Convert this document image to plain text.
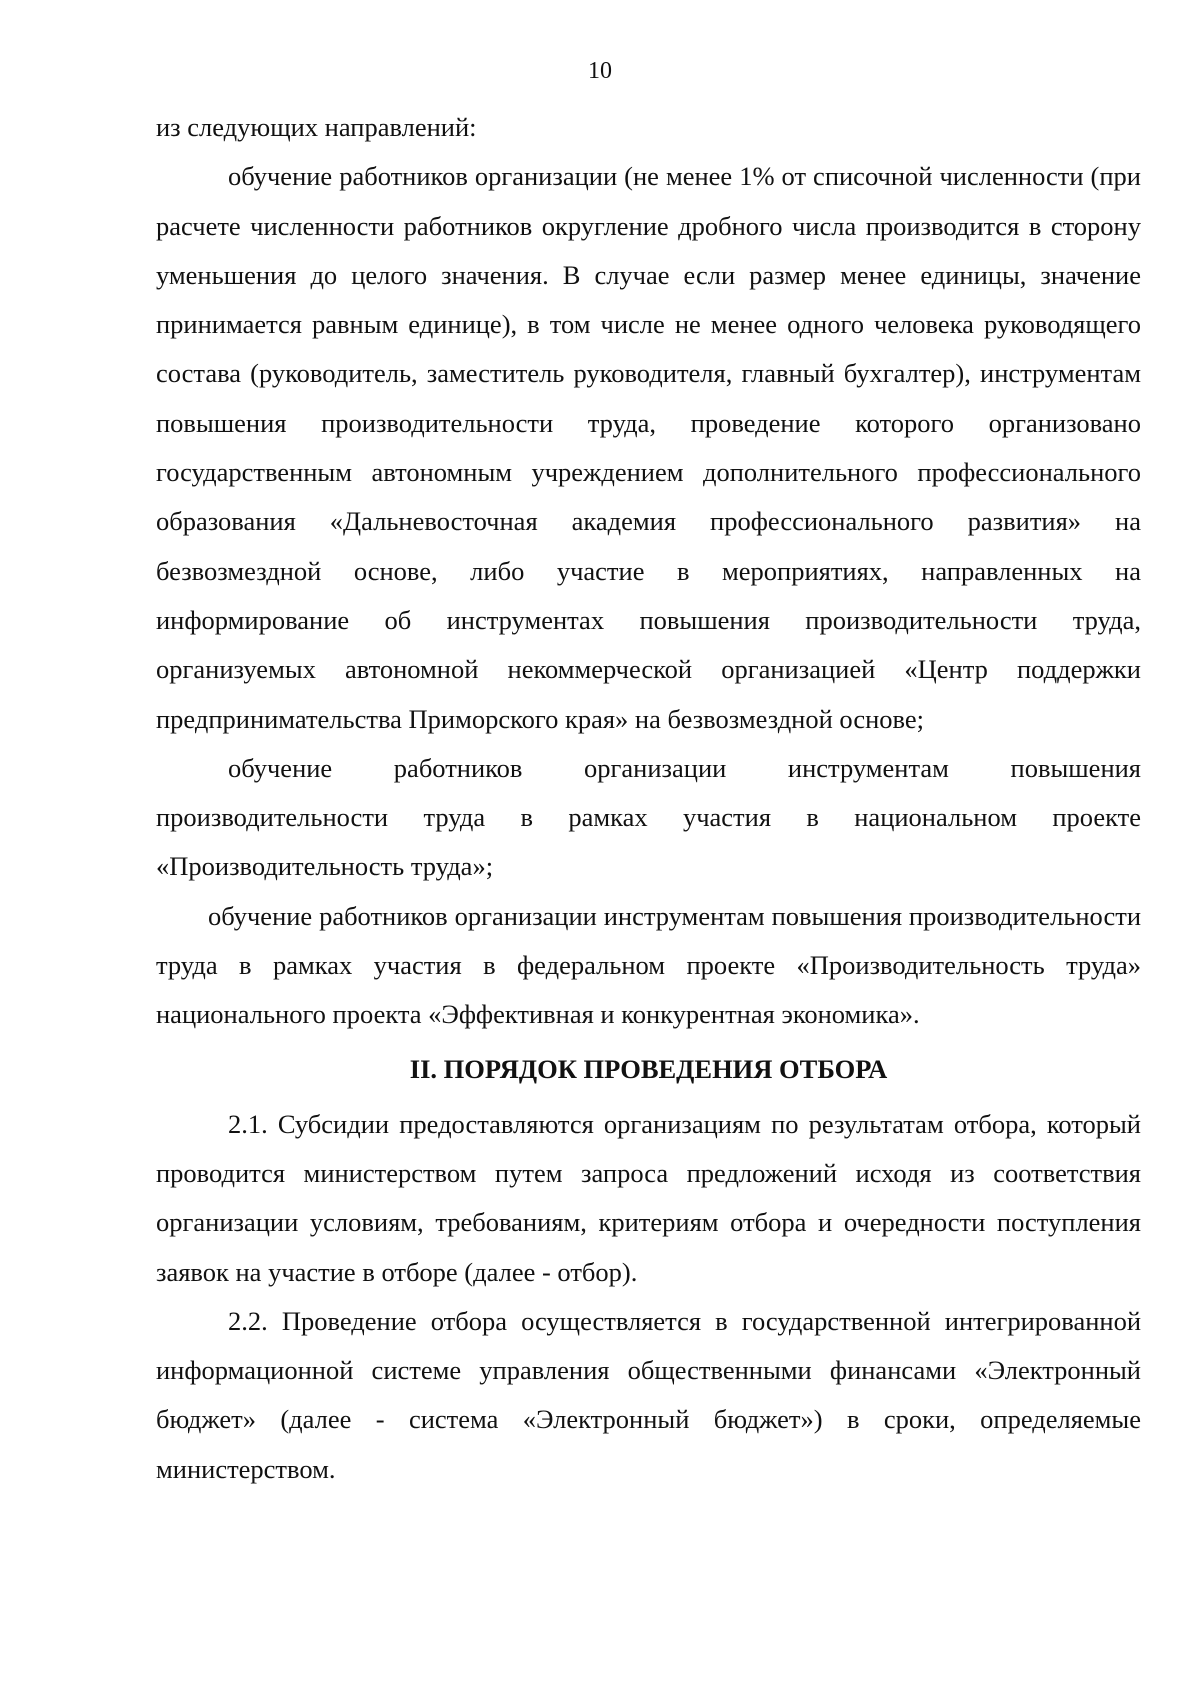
10

из следующих направлений:

обучение работников организации (не менее 1% от списочной численности (при расчете численности работников округление дробного числа производится в сторону уменьшения до целого значения. В случае если размер менее единицы, значение принимается равным единице), в том числе не менее одного человека руководящего состава (руководитель, заместитель руководителя, главный бухгалтер), инструментам повышения производительности труда, проведение которого организовано государственным автономным учреждением дополнительного профессионального образования «Дальневосточная академия профессионального развития» на безвозмездной основе, либо участие в мероприятиях, направленных на информирование об инструментах повышения производительности труда, организуемых автономной некоммерческой организацией «Центр поддержки предпринимательства Приморского края» на безвозмездной основе;

обучение работников организации инструментам повышения производительности труда в рамках участия в национальном проекте «Производительность труда»;

обучение работников организации инструментам повышения производительности труда в рамках участия в федеральном проекте «Производительность труда» национального проекта «Эффективная и конкурентная экономика».

II. ПОРЯДОК ПРОВЕДЕНИЯ ОТБОРА

2.1. Субсидии предоставляются организациям по результатам отбора, который проводится министерством путем запроса предложений исходя из соответствия организации условиям, требованиям, критериям отбора и очередности поступления заявок на участие в отборе (далее - отбор).

2.2. Проведение отбора осуществляется в государственной интегрированной информационной системе управления общественными финансами «Электронный бюджет» (далее - система «Электронный бюджет») в сроки, определяемые министерством.
